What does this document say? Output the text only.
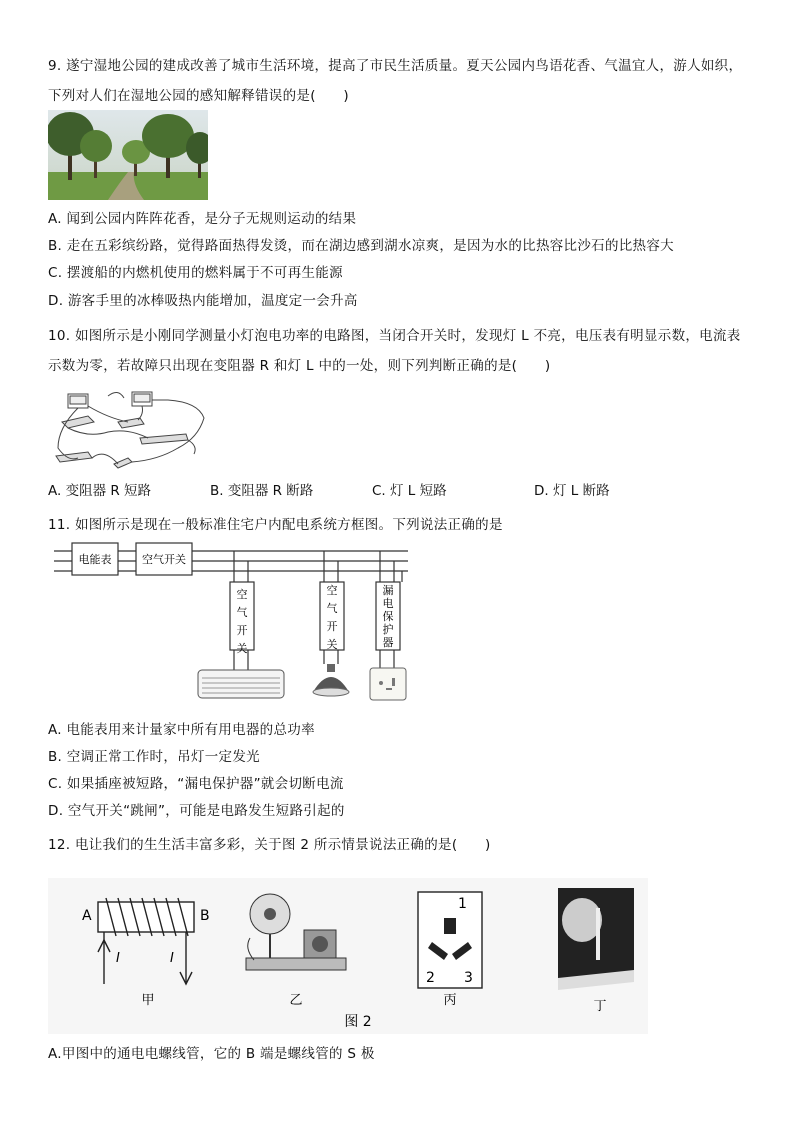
9. 遂宁湿地公园的建成改善了城市生活环境，提高了市民生活质量。夏天公园内鸟语花香、气温宜人，游人如织，
下列对人们在湿地公园的感知解释错误的是(　　)
A. 闻到公园内阵阵花香，是分子无规则运动的结果
B. 走在五彩缤纷路，觉得路面热得发烫，而在湖边感到湖水凉爽，是因为水的比热容比沙石的比热容大
C. 摆渡船的内燃机使用的燃料属于不可再生能源
D. 游客手里的冰棒吸热内能增加，温度定一会升高
10. 如图所示是小刚同学测量小灯泡电功率的电路图，当闭合开关时，发现灯 L 不亮，电压表有明显示数，电流表
示数为零，若故障只出现在变阻器 R 和灯 L 中的一处，则下列判断正确的是(　　)
A. 变阻器 R 短路	B. 变阻器 R 断路	C. 灯 L 短路	D. 灯 L 断路
11. 如图所示是现在一般标准住宅户内配电系统方框图。下列说法正确的是
电能表	空气开关
空气开关
空气开关
漏电保护器
A. 电能表用来计量家中所有用电器的总功率
B. 空调正常工作时，吊灯一定发光
C. 如果插座被短路，“漏电保护器”就会切断电流
D. 空气开关“跳闸”，可能是电路发生短路引起的
12. 电让我们的生生活丰富多彩，关于图 2 所示情景说法正确的是(　　)
A	B
I	I
甲	乙
1
2 3
丙	丁
图 2
A.甲图中的通电电螺线管，它的 B 端是螺线管的 S 极
